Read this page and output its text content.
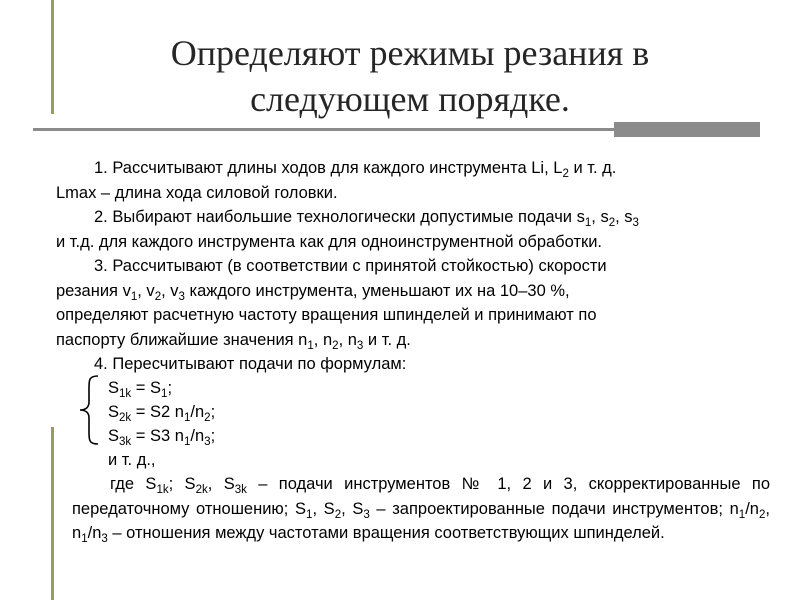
Определяют режимы резания в
следующем порядке.
1. Рассчитывают длины ходов для каждого инструмента Li, $L_2$ и т. д.
Lmax – длина хода силовой головки.
2. Выбирают наибольшие технологически допустимые подачи $s_1$, $s_2$, $s_3$
и т.д. для каждого инструмента как для одноинструментной обработки.
3. Рассчитывают (в соответствии с принятой стойкостью) скорости
резания $v_1$, $v_2$, $v_3$ каждого инструмента, уменьшают их на 10–30 %,
определяют расчетную частоту вращения шпинделей и принимают по
паспорту ближайшие значения $n_1$, $n_2$, $n_3$ и т. д.
4. Пересчитывают подачи по формулам:
$S_{1k} = S_1$;
$S_{2k} = S2$ $n_1/n_2$;
$S_{3k} = S3$ $n_1/n_3$;
и т. д.,
где $S_{1k}$; $S_{2k}$, $S_{3k}$ – подачи инструментов № 1, 2 и 3, скорректированные по передаточному отношению; $S_1$, $S_2$, $S_3$ – запроектированные подачи инструментов; $n_1/n_2$, $n_1/n_3$ – отношения между частотами вращения соответствующих шпинделей.
